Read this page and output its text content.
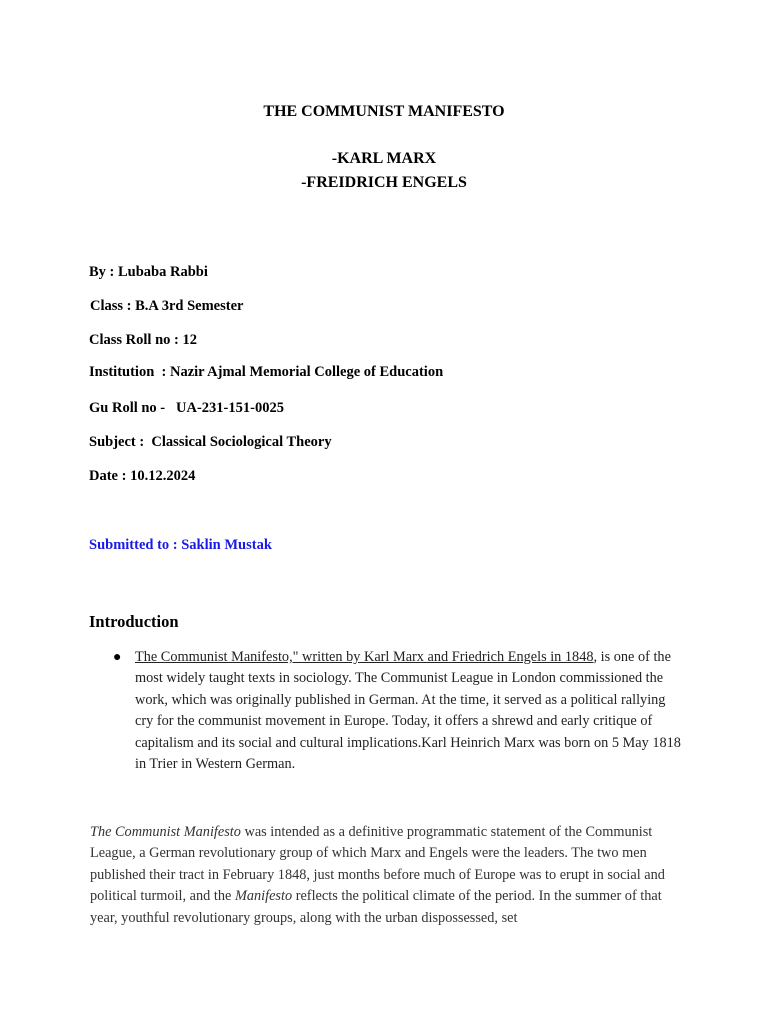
THE COMMUNIST MANIFESTO
-KARL MARX
-FREIDRICH ENGELS
By : Lubaba Rabbi
Class : B.A 3rd Semester
Class Roll no : 12
Institution  : Nazir Ajmal Memorial College of Education
Gu Roll no -   UA-231-151-0025
Subject :  Classical Sociological Theory
Date : 10.12.2024
Submitted to : Saklin Mustak
Introduction
● The Communist Manifesto," written by Karl Marx and Friedrich Engels in 1848, is one of the most widely taught texts in sociology. The Communist League in London commissioned the work, which was originally published in German. At the time, it served as a political rallying cry for the communist movement in Europe. Today, it offers a shrewd and early critique of capitalism and its social and cultural implications.Karl Heinrich Marx was born on 5 May 1818 in Trier in Western German.
The Communist Manifesto was intended as a definitive programmatic statement of the Communist League, a German revolutionary group of which Marx and Engels were the leaders. The two men published their tract in February 1848, just months before much of Europe was to erupt in social and political turmoil, and the Manifesto reflects the political climate of the period. In the summer of that year, youthful revolutionary groups, along with the urban dispossessed, set
